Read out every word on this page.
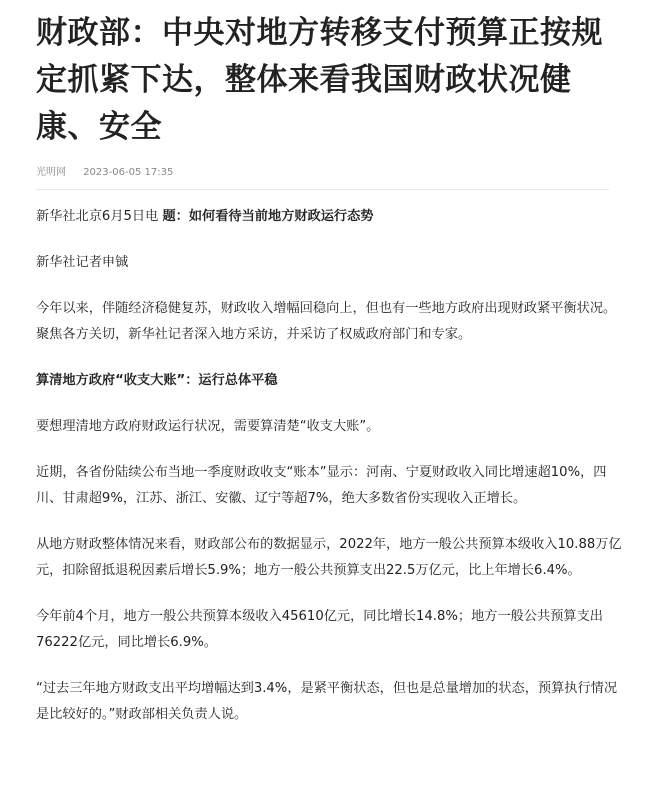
财政部：中央对地方转移支付预算正按规定抓紧下达，整体来看我国财政状况健康、安全
光明网 2023-06-05 17:35

新华社北京6月5日电 题：如何看待当前地方财政运行态势

新华社记者申铖

今年以来，伴随经济稳健复苏，财政收入增幅回稳向上，但也有一些地方政府出现财政紧平衡状况。聚焦各方关切，新华社记者深入地方采访，并采访了权威政府部门和专家。

算清地方政府“收支大账”：运行总体平稳

要想理清地方政府财政运行状况，需要算清楚“收支大账”。

近期，各省份陆续公布当地一季度财政收支“账本”显示：河南、宁夏财政收入同比增速超10%，四川、甘肃超9%，江苏、浙江、安徽、辽宁等超7%，绝大多数省份实现收入正增长。

从地方财政整体情况来看，财政部公布的数据显示，2022年，地方一般公共预算本级收入10.88万亿元，扣除留抵退税因素后增长5.9%；地方一般公共预算支出22.5万亿元，比上年增长6.4%。

今年前4个月，地方一般公共预算本级收入45610亿元，同比增长14.8%；地方一般公共预算支出76222亿元，同比增长6.9%。

“过去三年地方财政支出平均增幅达到3.4%，是紧平衡状态，但也是总量增加的状态，预算执行情况是比较好的。”财政部相关负责人说。
